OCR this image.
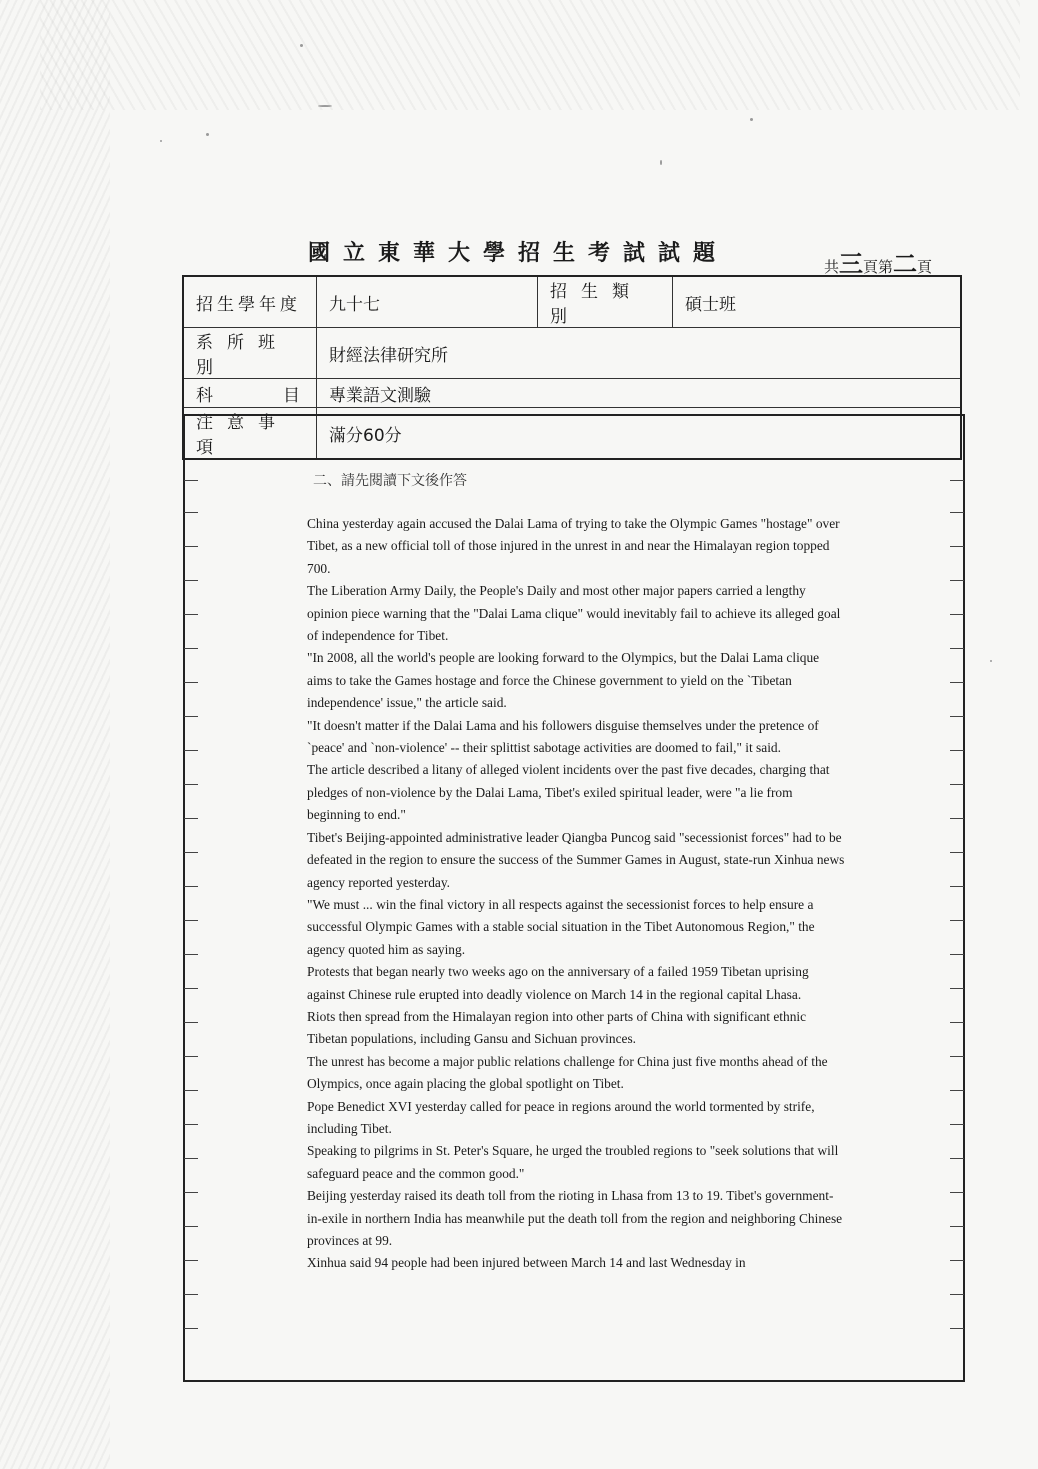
國立東華大學招生考試試題
共三頁第二頁
招生學年度	九十七	招生類別	碩士班
系所班別	財經法律研究所		
科目	專業語文測驗		
注意事項	滿分60分		
二、請先閱讀下文後作答

China yesterday again accused the Dalai Lama of trying to take the Olympic Games "hostage" over Tibet, as a new official toll of those injured in the unrest in and near the Himalayan region topped 700.

The Liberation Army Daily, the People's Daily and most other major papers carried a lengthy opinion piece warning that the "Dalai Lama clique" would inevitably fail to achieve its alleged goal of independence for Tibet.

"In 2008, all the world's people are looking forward to the Olympics, but the Dalai Lama clique aims to take the Games hostage and force the Chinese government to yield on the `Tibetan independence' issue," the article said.

"It doesn't matter if the Dalai Lama and his followers disguise themselves under the pretence of `peace' and `non-violence' -- their splittist sabotage activities are doomed to fail," it said.

The article described a litany of alleged violent incidents over the past five decades, charging that pledges of non-violence by the Dalai Lama, Tibet's exiled spiritual leader, were "a lie from beginning to end."

Tibet's Beijing-appointed administrative leader Qiangba Puncog said "secessionist forces" had to be defeated in the region to ensure the success of the Summer Games in August, state-run Xinhua news agency reported yesterday.

"We must ... win the final victory in all respects against the secessionist forces to help ensure a successful Olympic Games with a stable social situation in the Tibet Autonomous Region," the agency quoted him as saying.

Protests that began nearly two weeks ago on the anniversary of a failed 1959 Tibetan uprising against Chinese rule erupted into deadly violence on March 14 in the regional capital Lhasa.

Riots then spread from the Himalayan region into other parts of China with significant ethnic Tibetan populations, including Gansu and Sichuan provinces.

The unrest has become a major public relations challenge for China just five months ahead of the Olympics, once again placing the global spotlight on Tibet.

Pope Benedict XVI yesterday called for peace in regions around the world tormented by strife, including Tibet.

Speaking to pilgrims in St. Peter's Square, he urged the troubled regions to "seek solutions that will safeguard peace and the common good."

Beijing yesterday raised its death toll from the rioting in Lhasa from 13 to 19. Tibet's government-in-exile in northern India has meanwhile put the death toll from the region and neighboring Chinese provinces at 99.

Xinhua said 94 people had been injured between March 14 and last Wednesday in
